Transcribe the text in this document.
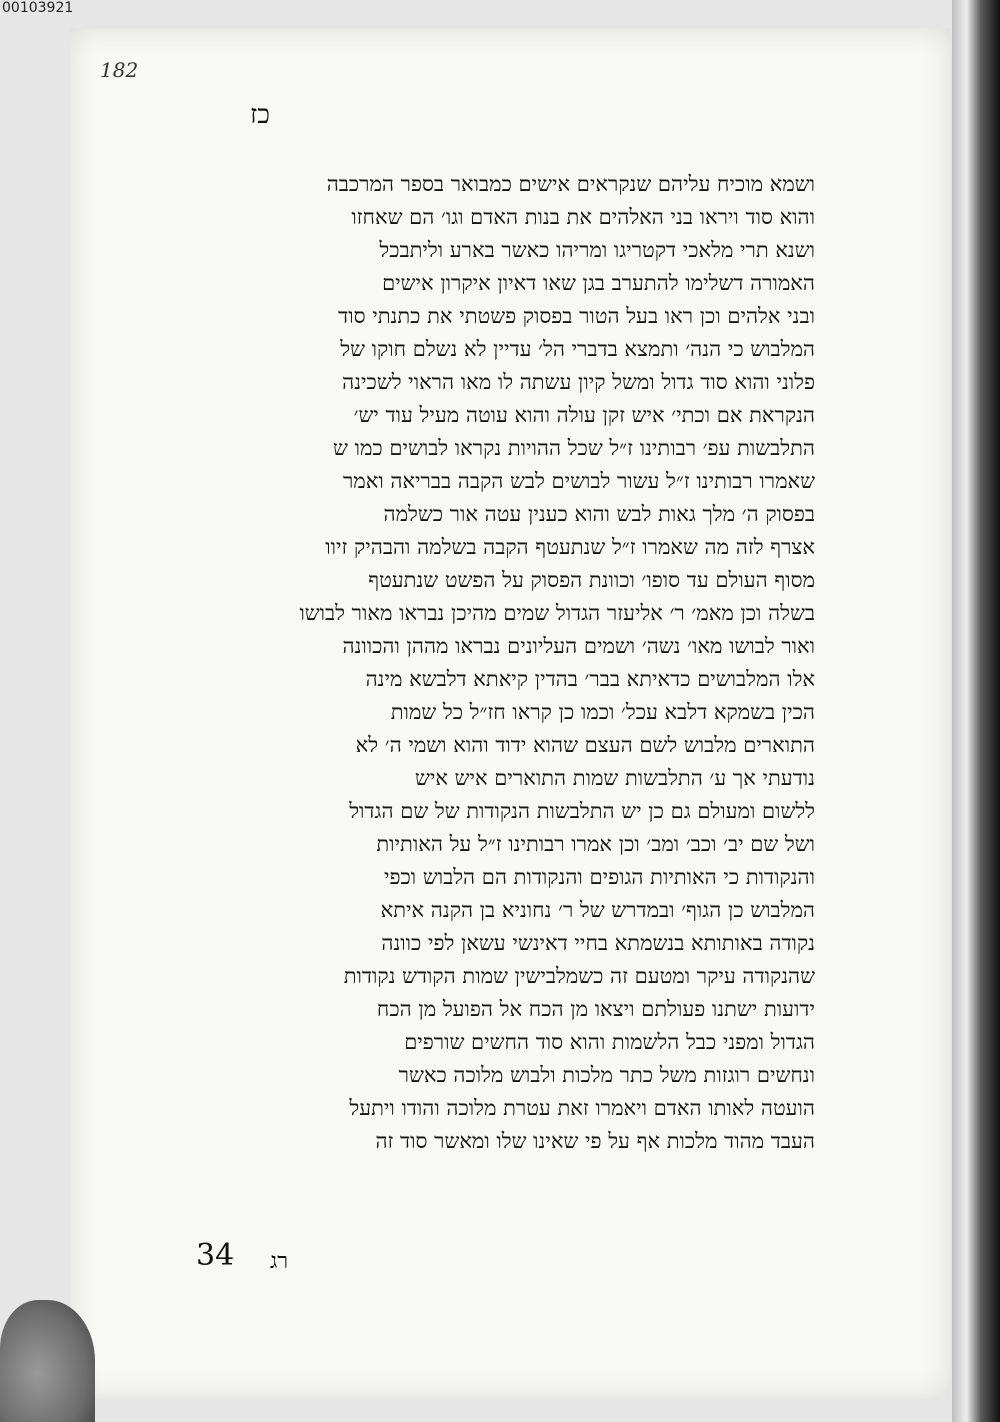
00103921
182
כז
ושמא מוכיח עליהם שנקראים אישים כמבואר בספר המרכבה
והוא סוד ויראו בני האלהים את בנות האדם וגו׳ הם שאחזו
ושנא תרי מלאכי דקטריגו ומריהו כאשר בארע וליתבכל
האמורה דשלימו להתערב בגן שאו דאיון איקרון אישים
ובני אלהים וכן ראו בעל הטור בפסוק פשטתי את כתנתי סוד
המלבוש כי הנה׳ ותמצא בדברי הל׳ עדיין לא נשלם חוקו של
פלוני והוא סוד גדול ומשל קיון עשתה לו מאו הראוי לשכינה
הנקראת אם וכתי׳ איש זקן עולה והוא עוטה מעיל עוד יש׳
התלבשות עפ׳ רבותינו ז״ל שכל ההויות נקראו לבושים כמו ש
שאמרו רבותינו ז״ל עשור לבושים לבש הקבה בבריאה ואמר
בפסוק ה׳ מלך גאות לבש והוא כענין עטה אור כשלמה
אצרף לזה מה שאמרו ז״ל שנתעטף הקבה בשלמה והבהיק זיוו
מסוף העולם עד סופו׳ וכוונת הפסוק על הפשט שנתעטף
בשלה וכן מאמ׳ ר׳ אליעזר הגדול שמים מהיכן נבראו מאור לבושו
ואור לבושו מאו׳ נשה׳ ושמים העליונים נבראו מההן והכוונה
אלו המלבושים כדאיתא בבר׳ בהדין קיאתא דלבשא מינה
הכין בשמקא דלבא עכל׳ וכמו כן קראו חז״ל כל שמות
התוארים מלבוש לשם העצם שהוא ידוד והוא ושמי ה׳ לא
נודעתי אך ע׳ התלבשות שמות התוארים איש איש
ללשום ומעולם גם כן יש התלבשות הנקודות של שם הגדול
ושל שם יב׳ וכב׳ ומב׳ וכן אמרו רבותינו ז״ל על האותיות
והנקודות כי האותיות הגופים והנקודות הם הלבוש וכפי
המלבוש כן הגוף׳ ובמדרש של ר׳ נחוניא בן הקנה איתא
נקודה באותותא בנשמתא בחיי דאינשי עשאן לפי כוונה
שהנקודה עיקר ומטעם זה כשמלבישין שמות הקודש נקודות
ידועות ישתנו פעולתם ויצאו מן הכח אל הפועל מן הכח
הגדול ומפני כבל הלשמות והוא סוד החשים שורפים
ונחשים רוגזות משל כתר מלכות ולבוש מלוכה כאשר
הועטה לאותו האדם ויאמרו זאת עטרת מלוכה והודו ויתעל
העבד מהוד מלכות אף על פי שאינו שלו ומאשר סוד זה
34 רג
